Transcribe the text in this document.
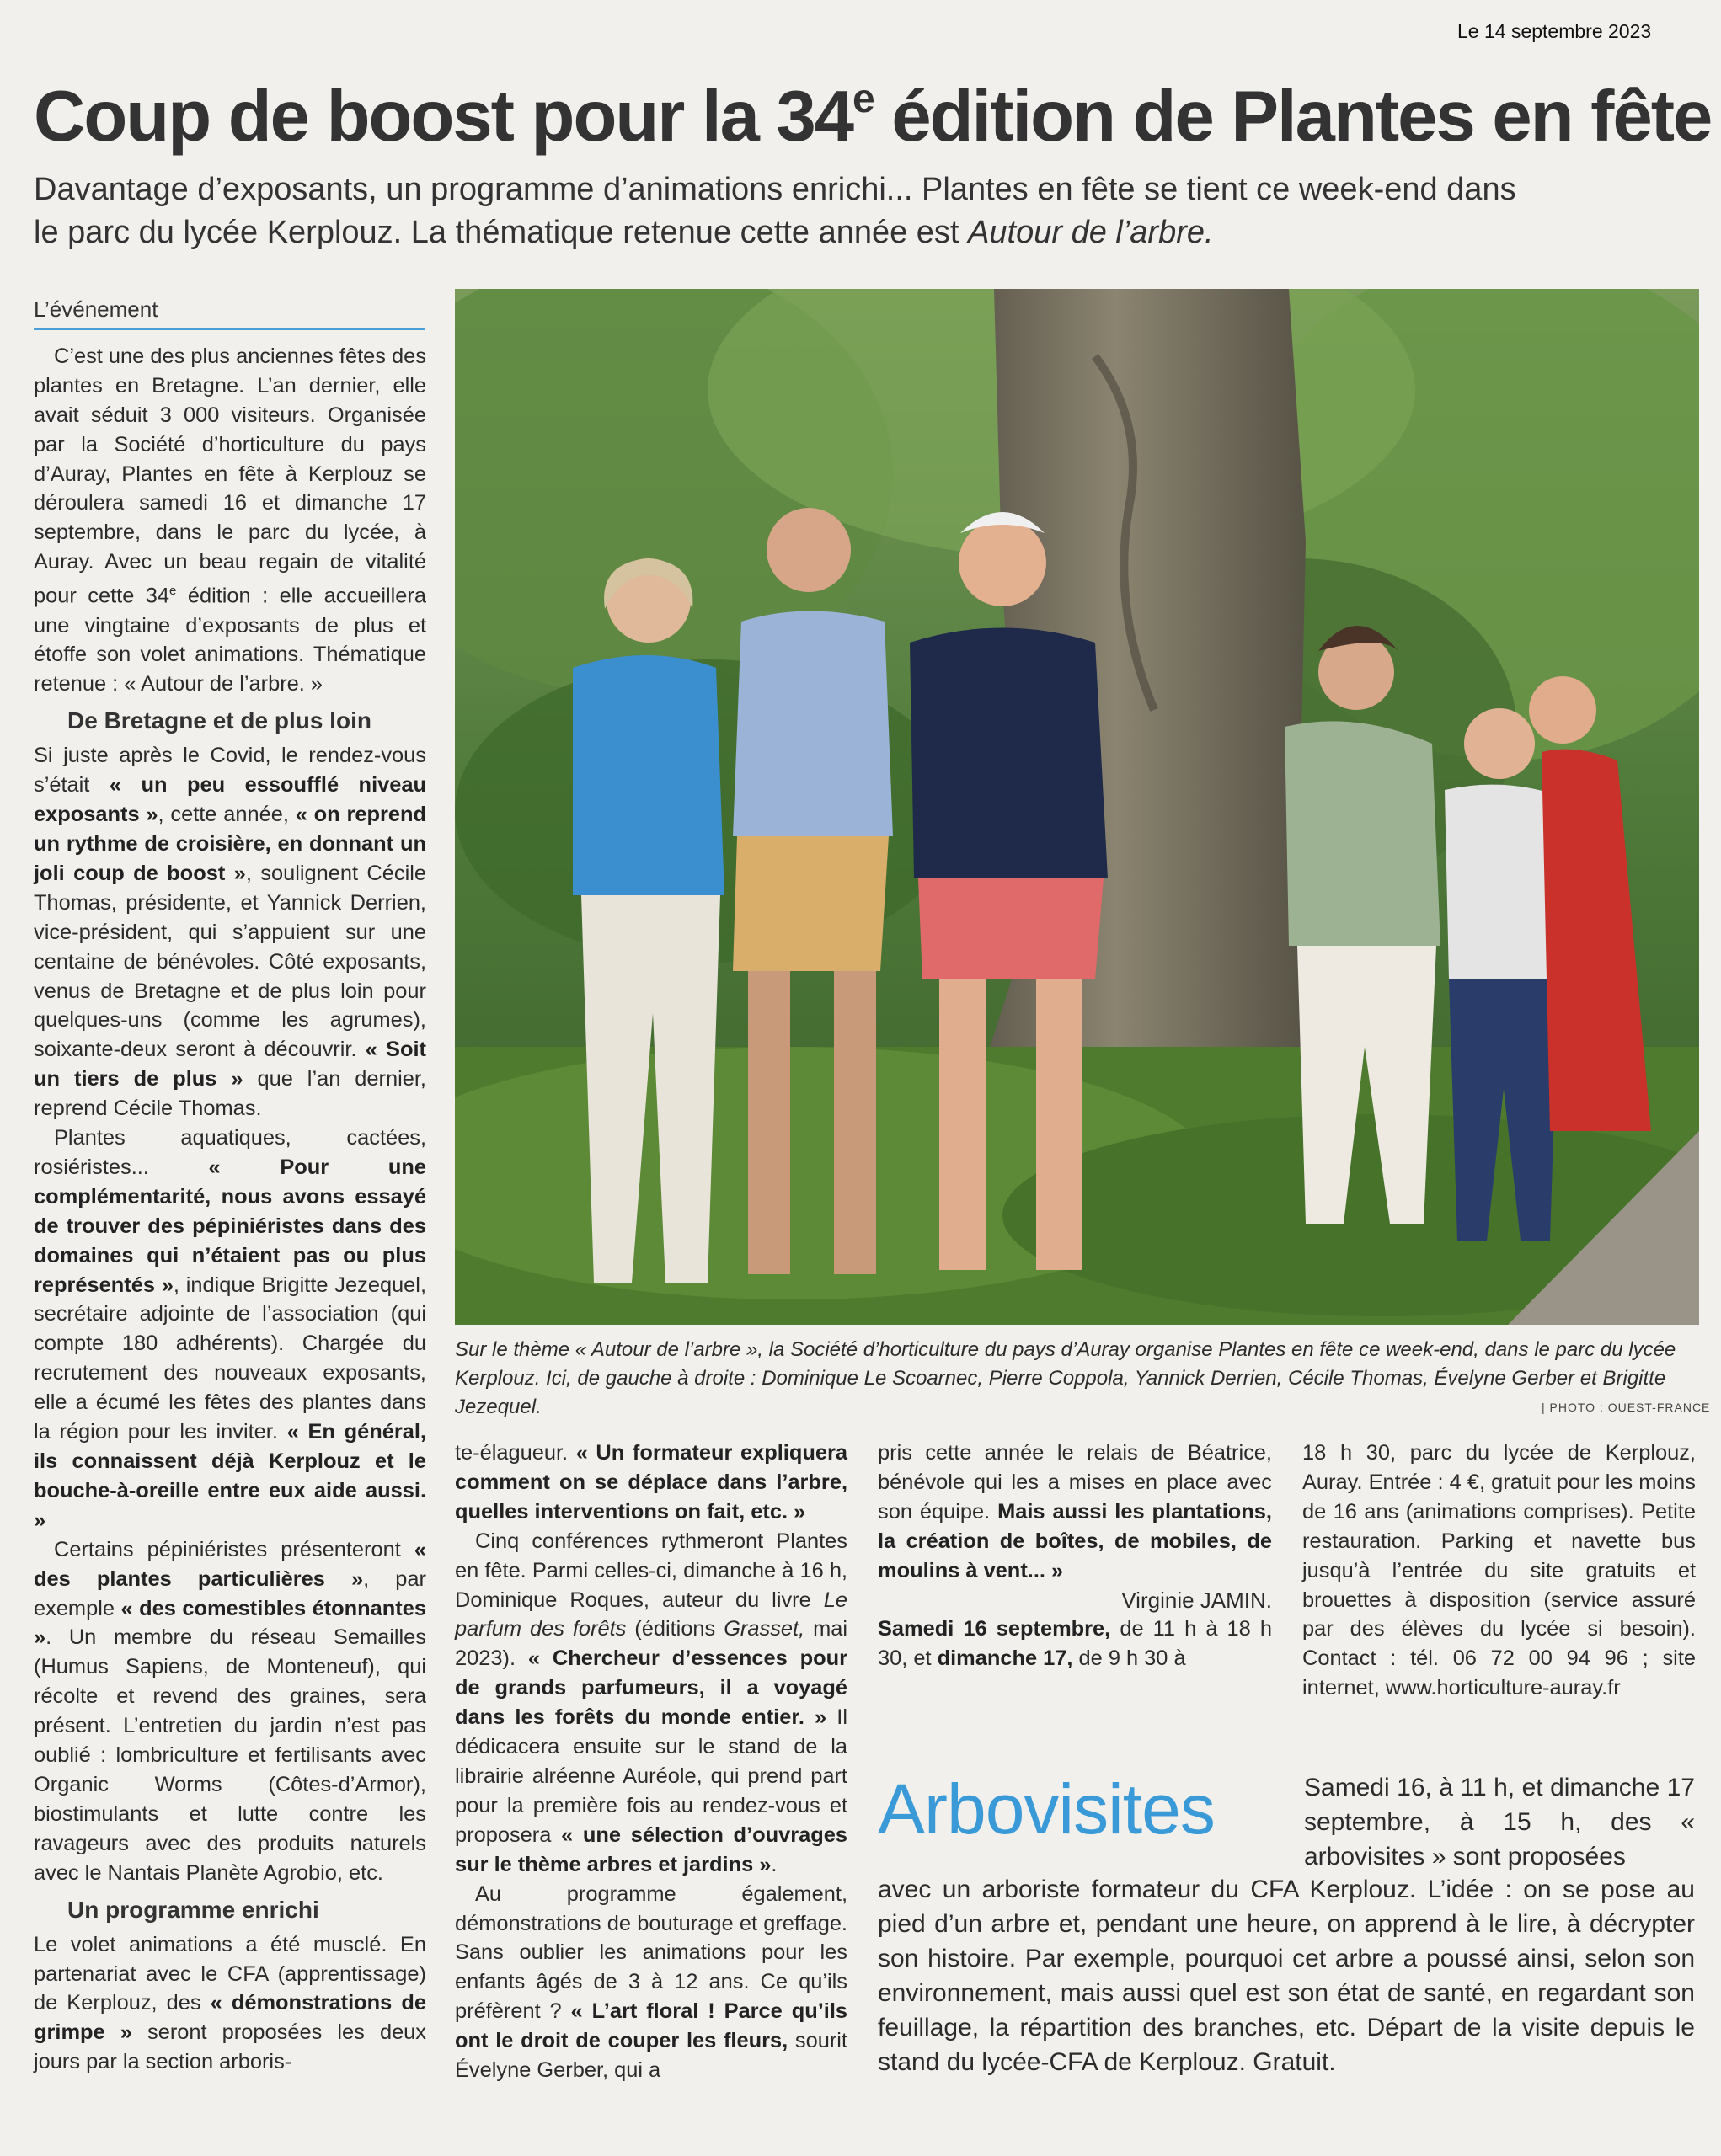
Le 14 septembre 2023
Coup de boost pour la 34e édition de Plantes en fête
Davantage d’exposants, un programme d’animations enrichi... Plantes en fête se tient ce week-end dans le parc du lycée Kerplouz. La thématique retenue cette année est Autour de l’arbre.
L’événement

C’est une des plus anciennes fêtes des plantes en Bretagne. L’an dernier, elle avait séduit 3 000 visiteurs. Organisée par la Société d’horticulture du pays d’Auray, Plantes en fête à Kerplouz se déroulera samedi 16 et dimanche 17 septembre, dans le parc du lycée, à Auray. Avec un beau regain de vitalité pour cette 34e édition : elle accueillera une vingtaine d’exposants de plus et étoffe son volet animations. Thématique retenue : « Autour de l’arbre. »

De Bretagne et de plus loin

Si juste après le Covid, le rendez-vous s’était « un peu essoufflé niveau exposants », cette année, « on reprend un rythme de croisière, en donnant un joli coup de boost », soulignent Cécile Thomas, présidente, et Yannick Derrien, vice-président, qui s’appuient sur une centaine de bénévoles. Côté exposants, venus de Bretagne et de plus loin pour quelques-uns (comme les agrumes), soixante-deux seront à découvrir. « Soit un tiers de plus » que l’an dernier, reprend Cécile Thomas.

Plantes aquatiques, cactées, rosiéristes... « Pour une complémentarité, nous avons essayé de trouver des pépiniéristes dans des domaines qui n’étaient pas ou plus représentés », indique Brigitte Jezequel, secrétaire adjointe de l’association (qui compte 180 adhérents). Chargée du recrutement des nouveaux exposants, elle a écumé les fêtes des plantes dans la région pour les inviter. « En général, ils connaissent déjà Kerplouz et le bouche-à-oreille entre eux aide aussi. »

Certains pépiniéristes présenteront « des plantes particulières », par exemple « des comestibles étonnantes ». Un membre du réseau Semailles (Humus Sapiens, de Monteneuf), qui récolte et revend des graines, sera présent. L’entretien du jardin n’est pas oublié : lombriculture et fertilisants avec Organic Worms (Côtes-d’Armor), biostimulants et lutte contre les ravageurs avec des produits naturels avec le Nantais Planète Agrobio, etc.

Un programme enrichi

Le volet animations a été musclé. En partenariat avec le CFA (apprentissage) de Kerplouz, des « démonstrations de grimpe » seront proposées les deux jours par la section arboris-

Sur le thème « Autour de l’arbre », la Société d’horticulture du pays d’Auray organise Plantes en fête ce week-end, dans le parc du lycée Kerplouz. Ici, de gauche à droite : Dominique Le Scoarnec, Pierre Coppola, Yannick Derrien, Cécile Thomas, Évelyne Gerber et Brigitte Jezequel.	| PHOTO : OUEST-FRANCE

te-élagueur. « Un formateur expliquera comment on se déplace dans l’arbre, quelles interventions on fait, etc. »

Cinq conférences rythmeront Plantes en fête. Parmi celles-ci, dimanche à 16 h, Dominique Roques, auteur du livre Le parfum des forêts (éditions Grasset, mai 2023). « Chercheur d’essences pour de grands parfumeurs, il a voyagé dans les forêts du monde entier. » Il dédicacera ensuite sur le stand de la librairie alréenne Auréole, qui prend part pour la première fois au rendez-vous et proposera « une sélection d’ouvrages sur le thème arbres et jardins ».

Au programme également, démonstrations de bouturage et greffage. Sans oublier les animations pour les enfants âgés de 3 à 12 ans. Ce qu’ils préfèrent ? « L’art floral ! Parce qu’ils ont le droit de couper les fleurs, sourit Évelyne Gerber, qui a

pris cette année le relais de Béatrice, bénévole qui les a mises en place avec son équipe. Mais aussi les plantations, la création de boîtes, de mobiles, de moulins à vent... »

Virginie JAMIN.

Samedi 16 septembre, de 11 h à 18 h 30, et dimanche 17, de 9 h 30 à

18 h 30, parc du lycée de Kerplouz, Auray. Entrée : 4 €, gratuit pour les moins de 16 ans (animations comprises). Petite restauration. Parking et navette bus jusqu’à l’entrée du site gratuits et brouettes à disposition (service assuré par des élèves du lycée si besoin). Contact : tél. 06 72 00 94 96 ; site internet, www.horticulture-auray.fr

Arbovisites	Samedi 16, à 11 h, et dimanche 17 septembre, à 15 h, des « arbovisites » sont proposées
avec un arboriste formateur du CFA Kerplouz. L’idée : on se pose au pied d’un arbre et, pendant une heure, on apprend à le lire, à décrypter son histoire. Par exemple, pourquoi cet arbre a poussé ainsi, selon son environnement, mais aussi quel est son état de santé, en regardant son feuillage, la répartition des branches, etc. Départ de la visite depuis le stand du lycée-CFA de Kerplouz. Gratuit.
